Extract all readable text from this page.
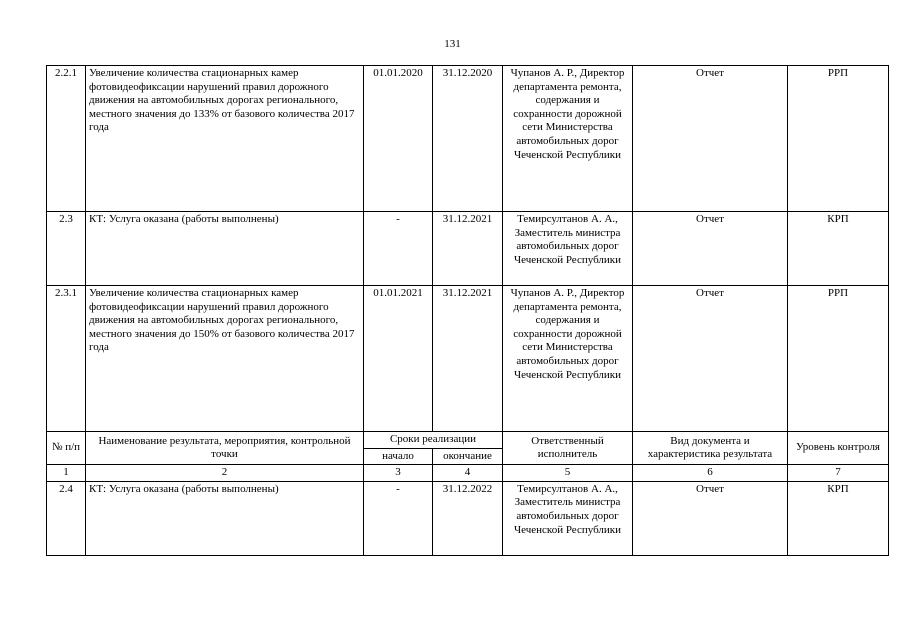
131
2.2.1	Увеличение количества стационарных камер фотовидеофиксации нарушений правил дорожного движения на автомобильных дорогах регионального, местного значения до 133% от базового количества 2017 года	01.01.2020	31.12.2020	Чупанов А. Р., Директор департамента ремонта, содержания и сохранности дорожной сети Министерства автомобильных дорог Чеченской Республики	Отчет	РРП
2.3	КТ: Услуга оказана (работы выполнены)	-	31.12.2021	Темирсултанов А. А., Заместитель министра автомобильных дорог Чеченской Республики	Отчет	КРП
2.3.1	Увеличение количества стационарных камер фотовидеофиксации нарушений правил дорожного движения на автомобильных дорогах регионального, местного значения до 150% от базового количества 2017 года	01.01.2021	31.12.2021	Чупанов А. Р., Директор департамента ремонта, содержания и сохранности дорожной сети Министерства автомобильных дорог Чеченской Республики	Отчет	РРП
№ п/п	Наименование результата, мероприятия, контрольной точки	Сроки реализации		Ответственный исполнитель	Вид документа и характеристика результата	Уровень контроля
		начало	окончание			
1	2	3	4	5	6	7
2.4	КТ: Услуга оказана (работы выполнены)	-	31.12.2022	Темирсултанов А. А., Заместитель министра автомобильных дорог Чеченской Республики	Отчет	КРП
